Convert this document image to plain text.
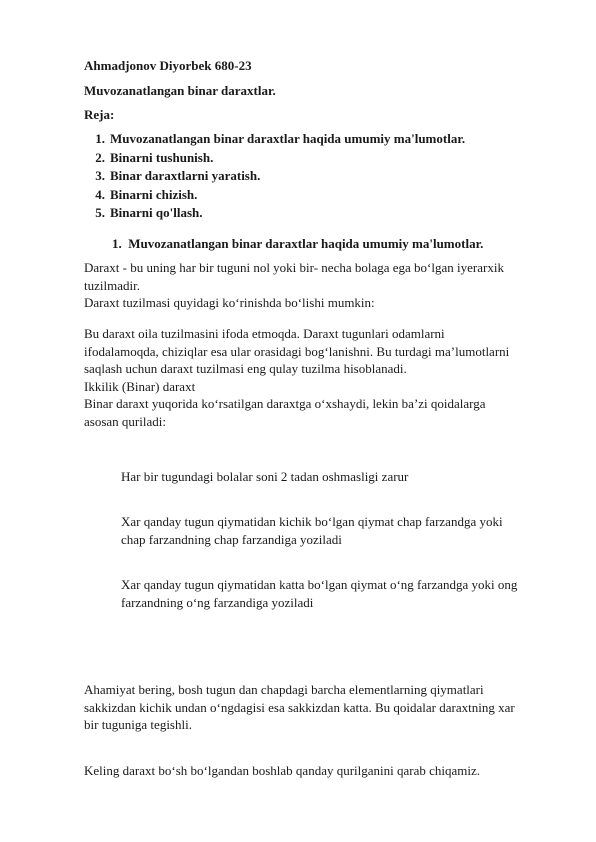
Ahmadjonov Diyorbek 680-23
Muvozanatlangan binar daraxtlar.
Reja:
1. Muvozanatlangan binar daraxtlar haqida umumiy ma'lumotlar.
2. Binarni tushunish.
3. Binar daraxtlarni yaratish.
4. Binarni chizish.
5. Binarni qo'llash.
1. Muvozanatlangan binar daraxtlar haqida umumiy ma'lumotlar.
Daraxt - bu uning har bir tuguni nol yoki bir- necha bolaga ega bo‘lgan iyerarxik
tuzilmadir.
Daraxt tuzilmasi quyidagi ko‘rinishda bo‘lishi mumkin:
Bu daraxt oila tuzilmasini ifoda etmoqda. Daraxt tugunlari odamlarni
ifodalamoqda, chiziqlar esa ular orasidagi bog‘lanishni. Bu turdagi ma’lumotlarni
saqlash uchun daraxt tuzilmasi eng qulay tuzilma hisoblanadi.
Ikkilik (Binar) daraxt
Binar daraxt yuqorida ko‘rsatilgan daraxtga o‘xshaydi, lekin ba’zi qoidalarga
asosan quriladi:
Har bir tugundagi bolalar soni 2 tadan oshmasligi zarur
Xar qanday tugun qiymatidan kichik bo‘lgan qiymat chap farzandga yoki
chap farzandning chap farzandiga yoziladi
Xar qanday tugun qiymatidan katta bo‘lgan qiymat o‘ng farzandga yoki ong
farzandning o‘ng farzandiga yoziladi
Ahamiyat bering, bosh tugun dan chapdagi barcha elementlarning qiymatlari
sakkizdan kichik undan o‘ngdagisi esa sakkizdan katta. Bu qoidalar daraxtning xar
bir tuguniga tegishli.
Keling daraxt bo‘sh bo‘lgandan boshlab qanday qurilganini qarab chiqamiz.
